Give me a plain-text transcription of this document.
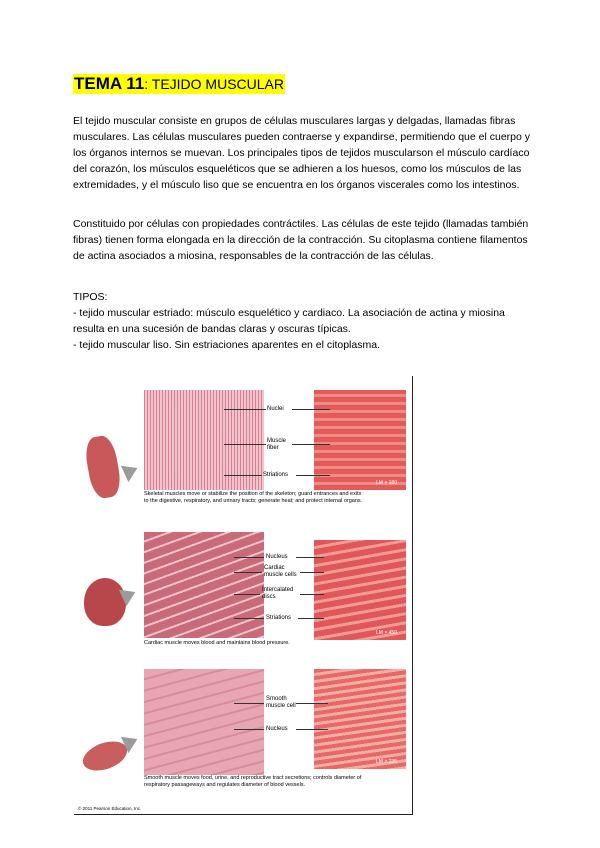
TEMA 11: TEJIDO MUSCULAR

El tejido muscular consiste en grupos de células musculares largas y delgadas, llamadas fibras musculares. Las células musculares pueden contraerse y expandirse, permitiendo que el cuerpo y los órganos internos se muevan. Los principales tipos de tejidos muscularson el músculo cardíaco del corazón, los músculos esqueléticos que se adhieren a los huesos, como los músculos de las extremidades, y el músculo liso que se encuentra en los órganos viscerales como los intestinos.

Constituido por células con propiedades contráctiles. Las células de este tejido (llamadas también fibras) tienen forma elongada en la dirección de la contracción. Su citoplasma contiene filamentos de actina asociados a miosina, responsables de la contracción de las células.

TIPOS:
- tejido muscular estriado: músculo esquelético y cardiaco. La asociación de actina y miosina resulta en una sucesión de bandas claras y oscuras típicas.
- tejido muscular liso. Sin estriaciones aparentes en el citoplasma.
Nuclei
Muscle fiber
Striations
LM × 180
Skeletal muscles move or stabilize the position of the skeleton; guard entrances and exits to the digestive, respiratory, and urinary tracts; generate heat; and protect internal organs.
Nucleus
Cardiac muscle cells
Intercalated discs
Striations
LM × 450
Cardiac muscle moves blood and maintains blood pressure.
Smooth muscle cell
Nucleus
LM × 235
Smooth muscle moves food, urine, and reproductive tract secretions; controls diameter of respiratory passageways and regulates diameter of blood vessels.
© 2011 Pearson Education, Inc.
